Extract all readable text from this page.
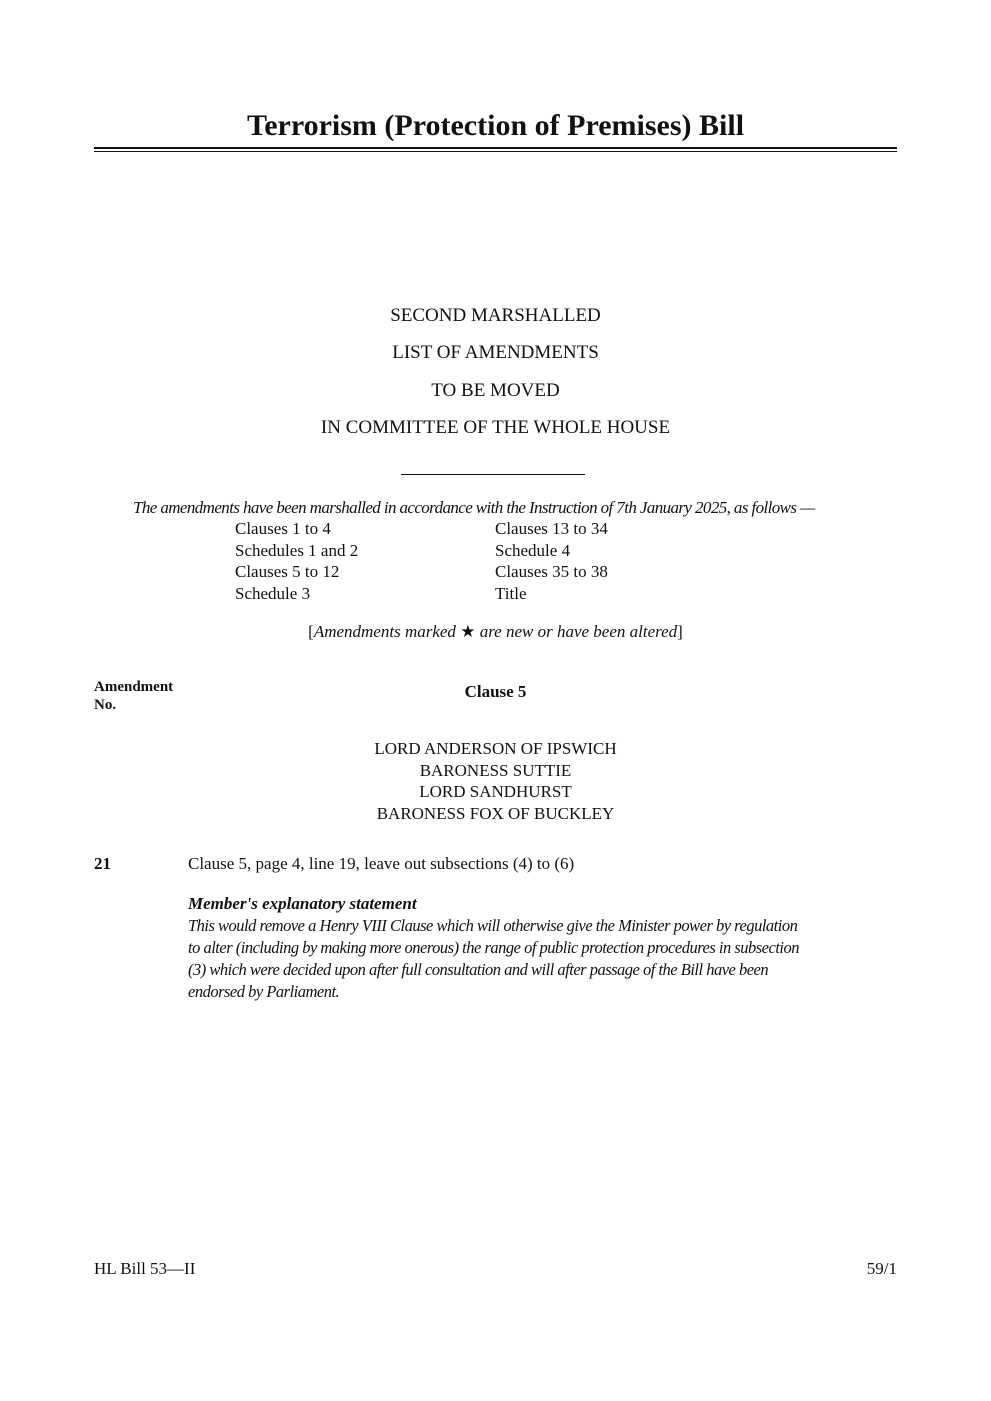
Terrorism (Protection of Premises) Bill
SECOND MARSHALLED
LIST OF AMENDMENTS
TO BE MOVED
IN COMMITTEE OF THE WHOLE HOUSE
The amendments have been marshalled in accordance with the Instruction of 7th January 2025, as follows —
Clauses 1 to 4
Schedules 1 and 2
Clauses 5 to 12
Schedule 3
Clauses 13 to 34
Schedule 4
Clauses 35 to 38
Title
[Amendments marked ★ are new or have been altered]
Amendment
No.
Clause 5
LORD ANDERSON OF IPSWICH
BARONESS SUTTIE
LORD SANDHURST
BARONESS FOX OF BUCKLEY
21	Clause 5, page 4, line 19, leave out subsections (4) to (6)
Member's explanatory statement
This would remove a Henry VIII Clause which will otherwise give the Minister power by regulation
to alter (including by making more onerous) the range of public protection procedures in subsection
(3) which were decided upon after full consultation and will after passage of the Bill have been
endorsed by Parliament.
HL Bill 53—II	59/1
